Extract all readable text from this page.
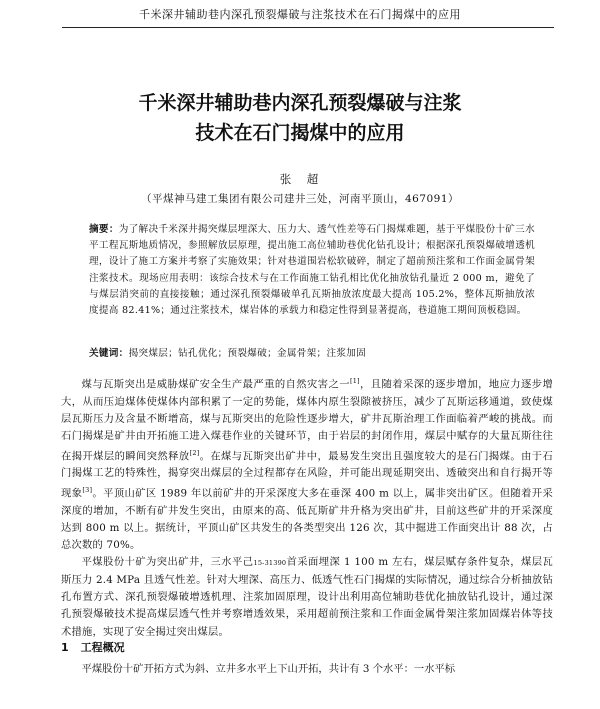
千米深井辅助巷内深孔预裂爆破与注浆技术在石门揭煤中的应用
千米深井辅助巷内深孔预裂爆破与注浆
技术在石门揭煤中的应用
张　超
（平煤神马建工集团有限公司建井三处，河南平顶山，467091）
摘要：为了解决千米深井揭突煤层埋深大、压力大、透气性差等石门揭煤难题，基于平煤股份十矿三水平工程瓦斯地质情况，参照解放层原理，提出施工高位辅助巷优化钻孔设计；根据深孔预裂爆破增透机理，设计了施工方案并考察了实施效果；针对巷道围岩松软破碎，制定了超前预注浆和工作面金属骨架注浆技术。现场应用表明：该综合技术与在工作面施工钻孔相比优化抽放钻孔量近 2 000 m，避免了与煤层消突前的直接接触；通过深孔预裂爆破单孔瓦斯抽放浓度最大提高 105.2%，整体瓦斯抽放浓度提高 82.41%；通过注浆技术，煤岩体的承载力和稳定性得到显著提高，巷道施工期间顶板稳固。
关键词：揭突煤层；钻孔优化；预裂爆破；金属骨架；注浆加固

煤与瓦斯突出是威胁煤矿安全生产最严重的自然灾害之一[1]，且随着采深的逐步增加，地应力逐步增大，从而压迫煤体使煤体内部积累了一定的势能，煤体内原生裂隙被挤压，减少了瓦斯运移通道，致使煤层瓦斯压力及含量不断增高，煤与瓦斯突出的危险性逐步增大，矿井瓦斯治理工作面临着严峻的挑战。而石门揭煤是矿井由开拓施工进入煤巷作业的关键环节，由于岩层的封闭作用，煤层中赋存的大量瓦斯往往在揭开煤层的瞬间突然释放[2]。在煤与瓦斯突出矿井中，最易发生突出且强度较大的是石门揭煤。由于石门揭煤工艺的特殊性，揭穿突出煤层的全过程都存在风险，并可能出现延期突出、透破突出和自行揭开等现象[3]。平顶山矿区 1989 年以前矿井的开采深度大多在垂深 400 m 以上，属非突出矿区。但随着开采深度的增加，不断有矿井发生突出，由原来的高、低瓦斯矿井升格为突出矿井，目前这些矿井的开采深度达到 800 m 以上。据统计，平顶山矿区共发生的各类型突出 126 次，其中掘进工作面突出计 88 次，占总次数的 70%。

平煤股份十矿为突出矿井，三水平己15-31390首采面埋深 1 100 m 左右，煤层赋存条件复杂，煤层瓦斯压力 2.4 MPa 且透气性差。针对大埋深、高压力、低透气性石门揭煤的实际情况，通过综合分析抽放钻孔布置方式、深孔预裂爆破增透机理、注浆加固原理，设计出利用高位辅助巷优化抽放钻孔设计，通过深孔预裂爆破技术提高煤层透气性并考察增透效果，采用超前预注浆和工作面金属骨架注浆加固煤岩体等技术措施，实现了安全揭过突出煤层。

1 工程概况
平煤股份十矿开拓方式为斜、立井多水平上下山开拓，共计有 3 个水平：一水平标
